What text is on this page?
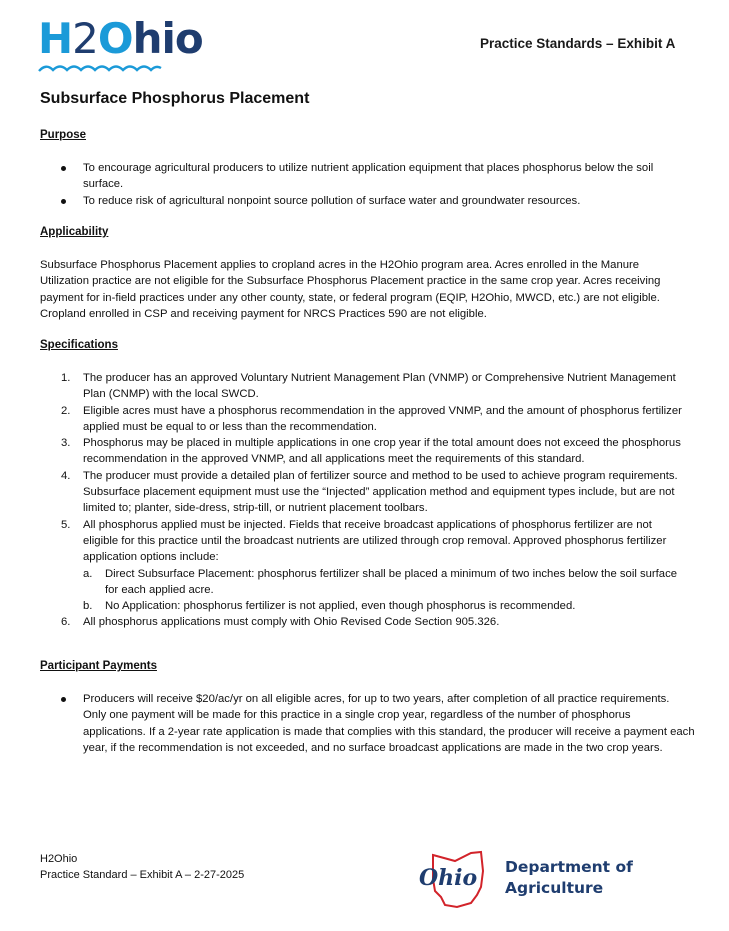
H2Ohio	Practice Standards – Exhibit A
Subsurface Phosphorus Placement
Purpose
To encourage agricultural producers to utilize nutrient application equipment that places phosphorus below the soil surface.
To reduce risk of agricultural nonpoint source pollution of surface water and groundwater resources.
Applicability
Subsurface Phosphorus Placement applies to cropland acres in the H2Ohio program area. Acres enrolled in the Manure Utilization practice are not eligible for the Subsurface Phosphorus Placement practice in the same crop year. Acres receiving payment for in-field practices under any other county, state, or federal program (EQIP, H2Ohio, MWCD, etc.) are not eligible. Cropland enrolled in CSP and receiving payment for NRCS Practices 590 are not eligible.
Specifications
1. The producer has an approved Voluntary Nutrient Management Plan (VNMP) or Comprehensive Nutrient Management Plan (CNMP) with the local SWCD.
2. Eligible acres must have a phosphorus recommendation in the approved VNMP, and the amount of phosphorus fertilizer applied must be equal to or less than the recommendation.
3. Phosphorus may be placed in multiple applications in one crop year if the total amount does not exceed the phosphorus recommendation in the approved VNMP, and all applications meet the requirements of this standard.
4. The producer must provide a detailed plan of fertilizer source and method to be used to achieve program requirements. Subsurface placement equipment must use the “Injected” application method and equipment types include, but are not limited to; planter, side-dress, strip-till, or nutrient placement toolbars.
5. All phosphorus applied must be injected. Fields that receive broadcast applications of phosphorus fertilizer are not eligible for this practice until the broadcast nutrients are utilized through crop removal. Approved phosphorus fertilizer application options include:
a. Direct Subsurface Placement: phosphorus fertilizer shall be placed a minimum of two inches below the soil surface for each applied acre.
b. No Application: phosphorus fertilizer is not applied, even though phosphorus is recommended.
6. All phosphorus applications must comply with Ohio Revised Code Section 905.326.
Participant Payments
Producers will receive $20/ac/yr on all eligible acres, for up to two years, after completion of all practice requirements. Only one payment will be made for this practice in a single crop year, regardless of the number of phosphorus applications. If a 2-year rate application is made that complies with this standard, the producer will receive a payment each year, if the recommendation is not exceeded, and no surface broadcast applications are made in the two crop years.
H2Ohio
Practice Standard – Exhibit A – 2-27-2025	Ohio Department of
Agriculture
